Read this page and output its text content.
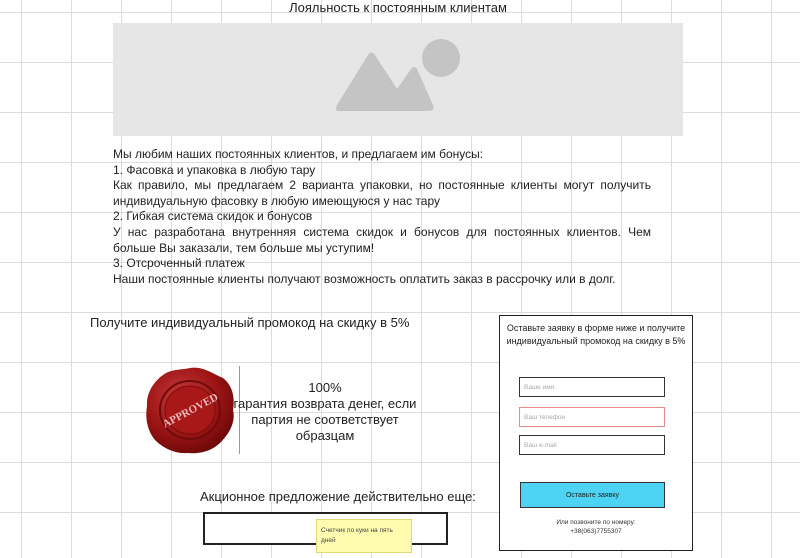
Лояльность к постоянным клиентам

Мы любим наших постоянных клиентов, и предлагаем им бонусы:

1. Фасовка и упаковка в любую тару

Как правило, мы предлагаем 2 варианта упаковки, но постоянные клиенты могут получить индивидуальную фасовку в любую имеющуюся у нас тару

2. Гибкая система скидок и бонусов

У нас разработана внутренняя система скидок и бонусов для постоянных клиентов. Чем больше Вы заказали, тем больше мы уступим!

3. Отсроченный платеж

Наши постоянные клиенты получают возможность оплатить заказ в рассрочку или в долг.

Получите индивидуальный промокод на скидку в 5%
APPROVED
100%
гарантия возврата денег, если партия не соответствует образцам
Акционное предложение действительно еще:
Счетчик по куки на пять дней
Оставьте заявку в форме ниже и получите индивидуальный промокод на скидку в 5%
Ваше имя:
Ваш телефон
Ваш e-mail
Оставьте заявку
Или позвоните по номеру:
+38(063)7755307
